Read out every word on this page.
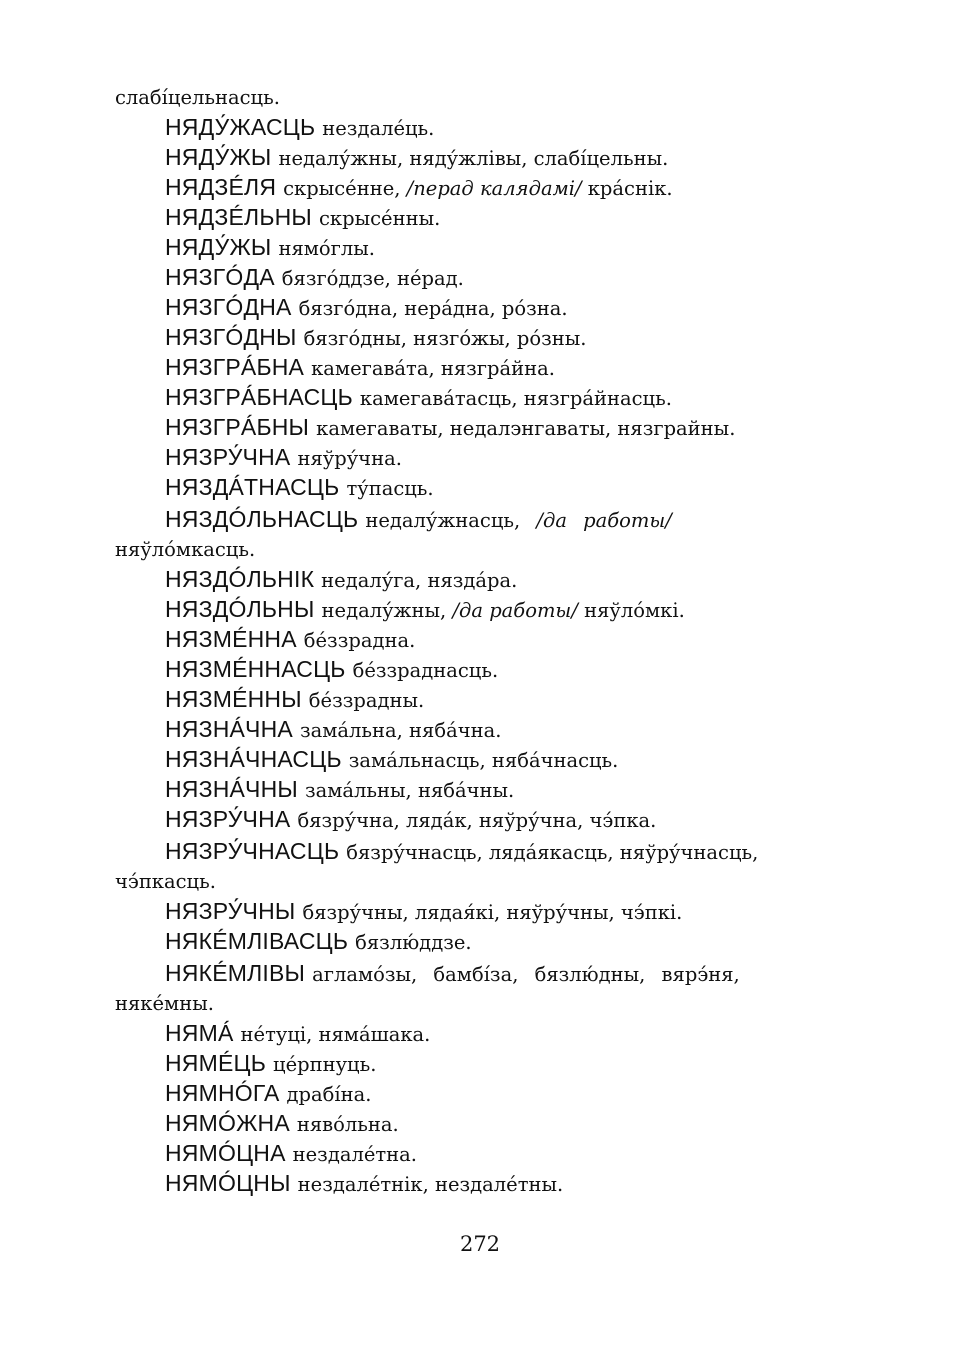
слабíцельнасць.
НЯДУ́ЖАСЦЬ нездалéць.
НЯДУ́ЖЫ недалу́жны, няду́жлівы, слабíцельны.
НЯДЗÉЛЯ скрысéнне, /перад калядамі/ крáснік.
НЯДЗÉЛЬНЫ скрысéнны.
НЯДУ́ЖЫ нямóглы.
НЯЗГÓДА бязгóддзе, нéрад.
НЯЗГÓДНА бязгóдна, нерáдна, рóзна.
НЯЗГÓДНЫ бязгóдны, нязгóжы, рóзны.
НЯЗГРÁБНА камегавáта, нязгрáйна.
НЯЗГРÁБНАСЦЬ камегавáтасць, нязгрáйнасць.
НЯЗГРÁБНЫ камегаваты, недалэнгаваты, нязграйны.
НЯЗРУ́ЧНА няўру́чна.
НЯЗДÁТНАСЦЬ ту́пасць.
НЯЗДÓЛЬНАСЦЬ недалу́жнасць, /да работы/
няўлóмкасць.
НЯЗДÓЛЬНІК недалу́га, няздáра.
НЯЗДÓЛЬНЫ недалу́жны, /да работы/ няўлóмкі.
НЯЗМÉННА бéззрадна.
НЯЗМÉННАСЦЬ бéззраднасць.
НЯЗМÉННЫ бéззрадны.
НЯЗНÁЧНА замáльна, нябáчна.
НЯЗНÁЧНАСЦЬ замáльнасць, нябáчнасць.
НЯЗНÁЧНЫ замáльны, нябáчны.
НЯЗРУ́ЧНА бязру́чна, лядáк, няўру́чна, чэ́пка.
НЯЗРУ́ЧНАСЦЬ бязру́чнасць, лядáякасць, няўру́чнасць,
чэ́пкасць.
НЯЗРУ́ЧНЫ бязру́чны, лядая́кі, няўру́чны, чэ́пкі.
НЯКÉМЛІВАСЦЬ бязлю́ддзе.
НЯКÉМЛІВЫ агламóзы, бамбíза, бязлю́дны, вярэ́ня,
някéмны.
НЯМÁ нéтуці, нямáшака.
НЯМÉЦЬ цéрпнуць.
НЯМНÓГА драбíна.
НЯМÓЖНА нявóльна.
НЯМÓЦНА нездалéтна.
НЯМÓЦНЫ нездалéтнік, нездалéтны.
272
